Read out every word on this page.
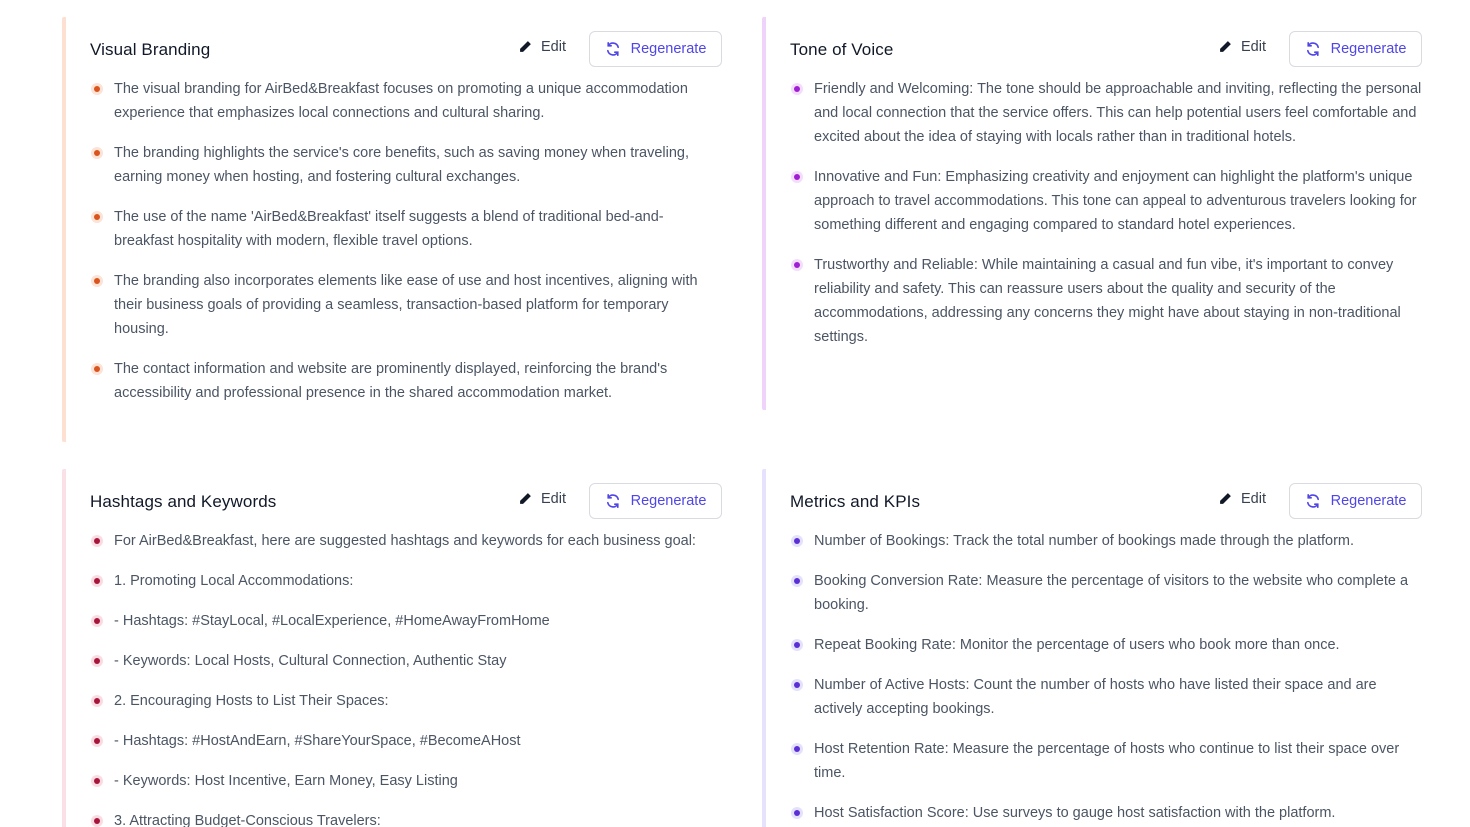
Visual Branding	Edit	Regenerate
The visual branding for AirBed&Breakfast focuses on promoting a unique accommodation experience that emphasizes local connections and cultural sharing.
The branding highlights the service's core benefits, such as saving money when traveling, earning money when hosting, and fostering cultural exchanges.
The use of the name 'AirBed&Breakfast' itself suggests a blend of traditional bed-and-breakfast hospitality with modern, flexible travel options.
The branding also incorporates elements like ease of use and host incentives, aligning with their business goals of providing a seamless, transaction-based platform for temporary housing.
The contact information and website are prominently displayed, reinforcing the brand's accessibility and professional presence in the shared accommodation market.
Tone of Voice	Edit	Regenerate
Friendly and Welcoming: The tone should be approachable and inviting, reflecting the personal and local connection that the service offers. This can help potential users feel comfortable and excited about the idea of staying with locals rather than in traditional hotels.
Innovative and Fun: Emphasizing creativity and enjoyment can highlight the platform's unique approach to travel accommodations. This tone can appeal to adventurous travelers looking for something different and engaging compared to standard hotel experiences.
Trustworthy and Reliable: While maintaining a casual and fun vibe, it's important to convey reliability and safety. This can reassure users about the quality and security of the accommodations, addressing any concerns they might have about staying in non-traditional settings.
Hashtags and Keywords	Edit	Regenerate
For AirBed&Breakfast, here are suggested hashtags and keywords for each business goal:
1. Promoting Local Accommodations:
- Hashtags: #StayLocal, #LocalExperience, #HomeAwayFromHome
- Keywords: Local Hosts, Cultural Connection, Authentic Stay
2. Encouraging Hosts to List Their Spaces:
- Hashtags: #HostAndEarn, #ShareYourSpace, #BecomeAHost
- Keywords: Host Incentive, Earn Money, Easy Listing
3. Attracting Budget-Conscious Travelers:
Metrics and KPIs	Edit	Regenerate
Number of Bookings: Track the total number of bookings made through the platform.
Booking Conversion Rate: Measure the percentage of visitors to the website who complete a booking.
Repeat Booking Rate: Monitor the percentage of users who book more than once.
Number of Active Hosts: Count the number of hosts who have listed their space and are actively accepting bookings.
Host Retention Rate: Measure the percentage of hosts who continue to list their space over time.
Host Satisfaction Score: Use surveys to gauge host satisfaction with the platform.
